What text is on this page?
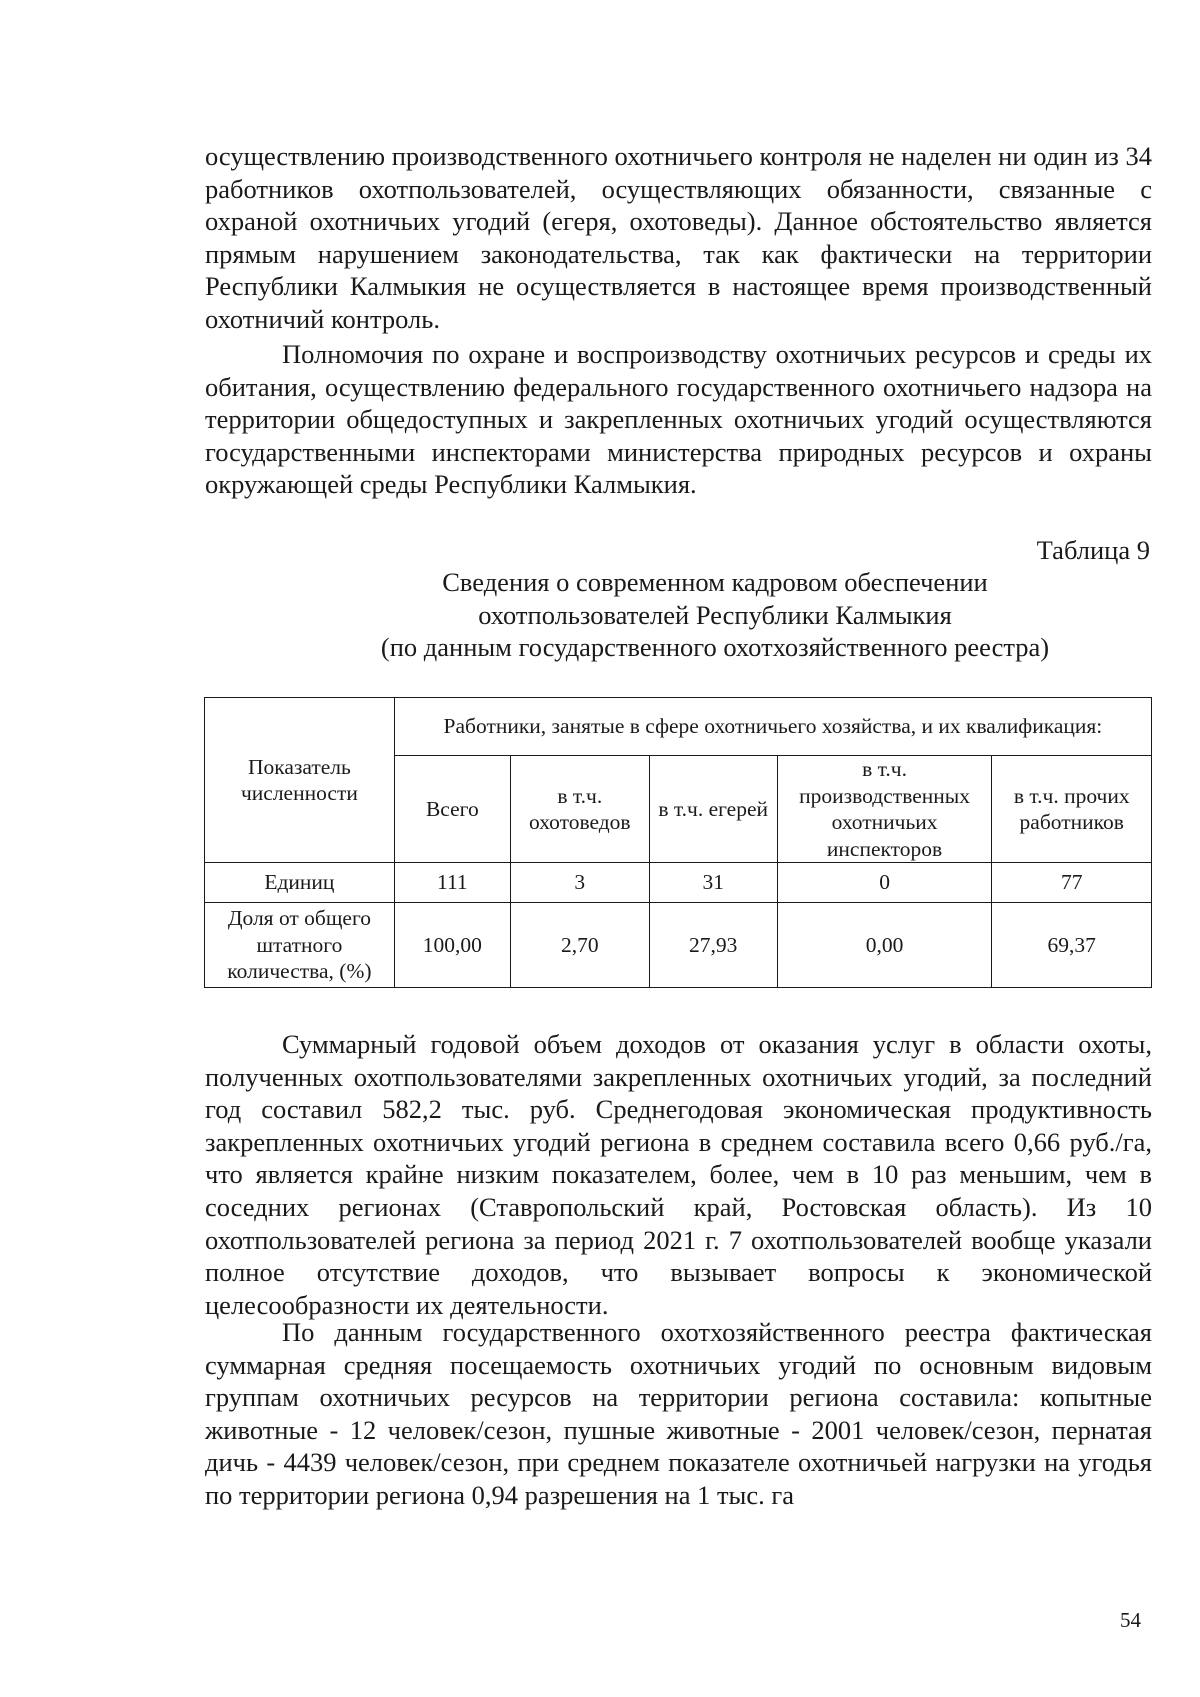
осуществлению производственного охотничьего контроля не наделен ни один из 34 работников охотпользователей, осуществляющих обязанности, связанные с охраной охотничьих угодий (егеря, охотоведы). Данное обстоятельство является прямым нарушением законодательства, так как фактически на территории Республики Калмыкия не осуществляется в настоящее время производственный охотничий контроль.

Полномочия по охране и воспроизводству охотничьих ресурсов и среды их обитания, осуществлению федерального государственного охотничьего надзора на территории общедоступных и закрепленных охотничьих угодий осуществляются государственными инспекторами министерства природных ресурсов и охраны окружающей среды Республики Калмыкия.

Таблица 9

Сведения о современном кадровом обеспечении
охотпользователей Республики Калмыкия
(по данным государственного охотхозяйственного реестра)
Показатель численности	Работники, занятые в сфере охотничьего хозяйства, и их квалификация:				
	Всего	в т.ч. охотоведов	в т.ч. егерей	в т.ч. производственных охотничьих инспекторов	в т.ч. прочих работников
Единиц	111	3	31	0	77
Доля от общего штатного количества, (%)	100,00	2,70	27,93	0,00	69,37

Суммарный годовой объем доходов от оказания услуг в области охоты, полученных охотпользователями закрепленных охотничьих угодий, за последний год составил 582,2 тыс. руб. Среднегодовая экономическая продуктивность закрепленных охотничьих угодий региона в среднем составила всего 0,66 руб./га, что является крайне низким показателем, более, чем в 10 раз меньшим, чем в соседних регионах (Ставропольский край, Ростовская область). Из 10 охотпользователей региона за период 2021 г. 7 охотпользователей вообще указали полное отсутствие доходов, что вызывает вопросы к экономической целесообразности их деятельности.

По данным государственного охотхозяйственного реестра фактическая суммарная средняя посещаемость охотничьих угодий по основным видовым группам охотничьих ресурсов на территории региона составила: копытные животные - 12 человек/сезон, пушные животные - 2001 человек/сезон, пернатая дичь - 4439 человек/сезон, при среднем показателе охотничьей нагрузки на угодья по территории региона 0,94 разрешения на 1 тыс. га

54
